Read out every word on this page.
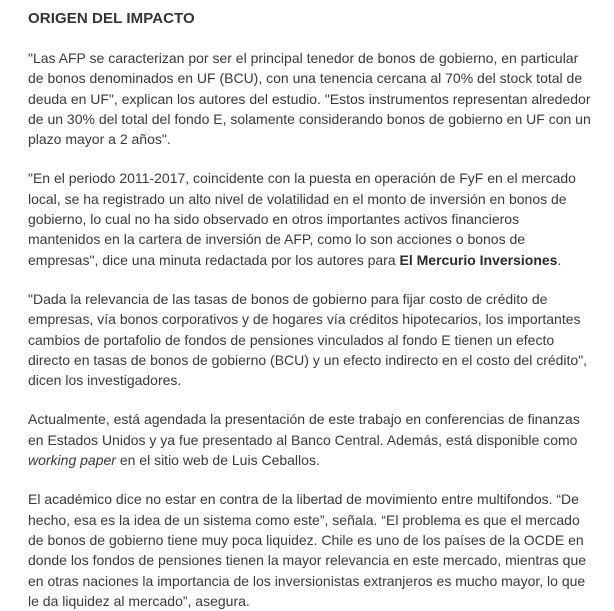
ORIGEN DEL IMPACTO

"Las AFP se caracterizan por ser el principal tenedor de bonos de gobierno, en particular de bonos denominados en UF (BCU), con una tenencia cercana al 70% del stock total de deuda en UF", explican los autores del estudio. "Estos instrumentos representan alrededor de un 30% del total del fondo E, solamente considerando bonos de gobierno en UF con un plazo mayor a 2 años".

"En el periodo 2011-2017, coincidente con la puesta en operación de FyF en el mercado local, se ha registrado un alto nivel de volatilidad en el monto de inversión en bonos de gobierno, lo cual no ha sido observado en otros importantes activos financieros mantenidos en la cartera de inversión de AFP, como lo son acciones o bonos de empresas", dice una minuta redactada por los autores para El Mercurio Inversiones.

"Dada la relevancia de las tasas de bonos de gobierno para fijar costo de crédito de empresas, vía bonos corporativos y de hogares vía créditos hipotecarios, los importantes cambios de portafolio de fondos de pensiones vinculados al fondo E tienen un efecto directo en tasas de bonos de gobierno (BCU) y un efecto indirecto en el costo del crédito", dicen los investigadores.

Actualmente, está agendada la presentación de este trabajo en conferencias de finanzas en Estados Unidos y ya fue presentado al Banco Central. Además, está disponible como working paper en el sitio web de Luis Ceballos.

El académico dice no estar en contra de la libertad de movimiento entre multifondos. “De hecho, esa es la idea de un sistema como este”, señala. “El problema es que el mercado de bonos de gobierno tiene muy poca liquidez. Chile es uno de los países de la OCDE en donde los fondos de pensiones tienen la mayor relevancia en este mercado, mientras que en otras naciones la importancia de los inversionistas extranjeros es mucho mayor, lo que le da liquidez al mercado”, asegura.
